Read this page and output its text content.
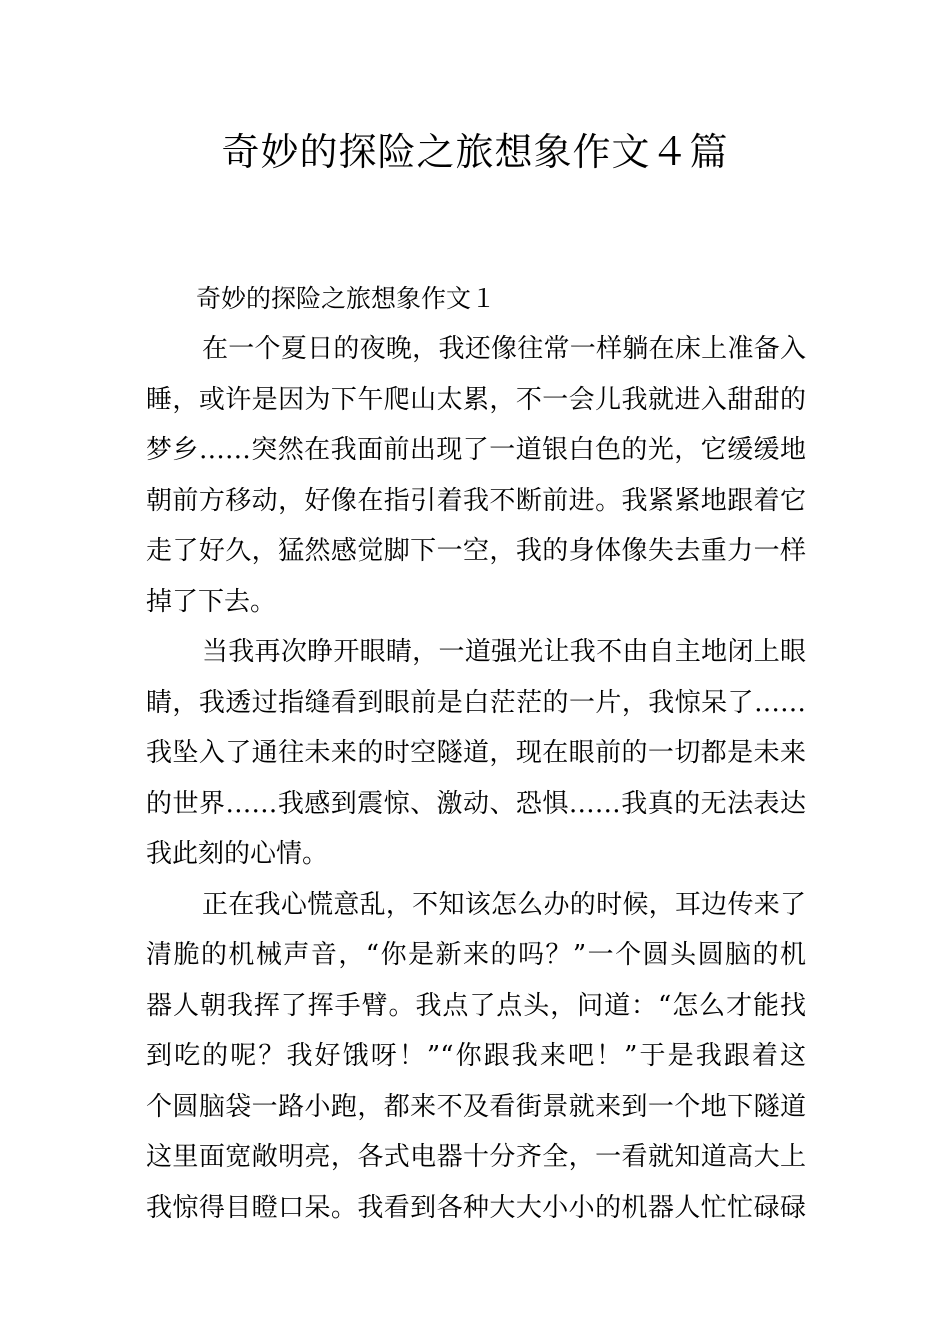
奇妙的探险之旅想象作文４篇
奇妙的探险之旅想象作文１

在一个夏日的夜晚，我还像往常一样躺在床上准备入
睡，或许是因为下午爬山太累，不一会儿我就进入甜甜的
梦乡……突然在我面前出现了一道银白色的光，它缓缓地
朝前方移动，好像在指引着我不断前进。我紧紧地跟着它
走了好久，猛然感觉脚下一空，我的身体像失去重力一样
掉了下去。

当我再次睁开眼睛，一道强光让我不由自主地闭上眼
睛，我透过指缝看到眼前是白茫茫的一片，我惊呆了……
我坠入了通往未来的时空隧道，现在眼前的一切都是未来
的世界……我感到震惊、激动、恐惧……我真的无法表达
我此刻的心情。

正在我心慌意乱，不知该怎么办的时候，耳边传来了
清脆的机械声音，“你是新来的吗？”一个圆头圆脑的机
器人朝我挥了挥手臂。我点了点头，问道：“怎么才能找
到吃的呢？我好饿呀！”“你跟我来吧！”于是我跟着这
个圆脑袋一路小跑，都来不及看街景就来到一个地下隧道
这里面宽敞明亮，各式电器十分齐全，一看就知道高大上
我惊得目瞪口呆。我看到各种大大小小的机器人忙忙碌碌
